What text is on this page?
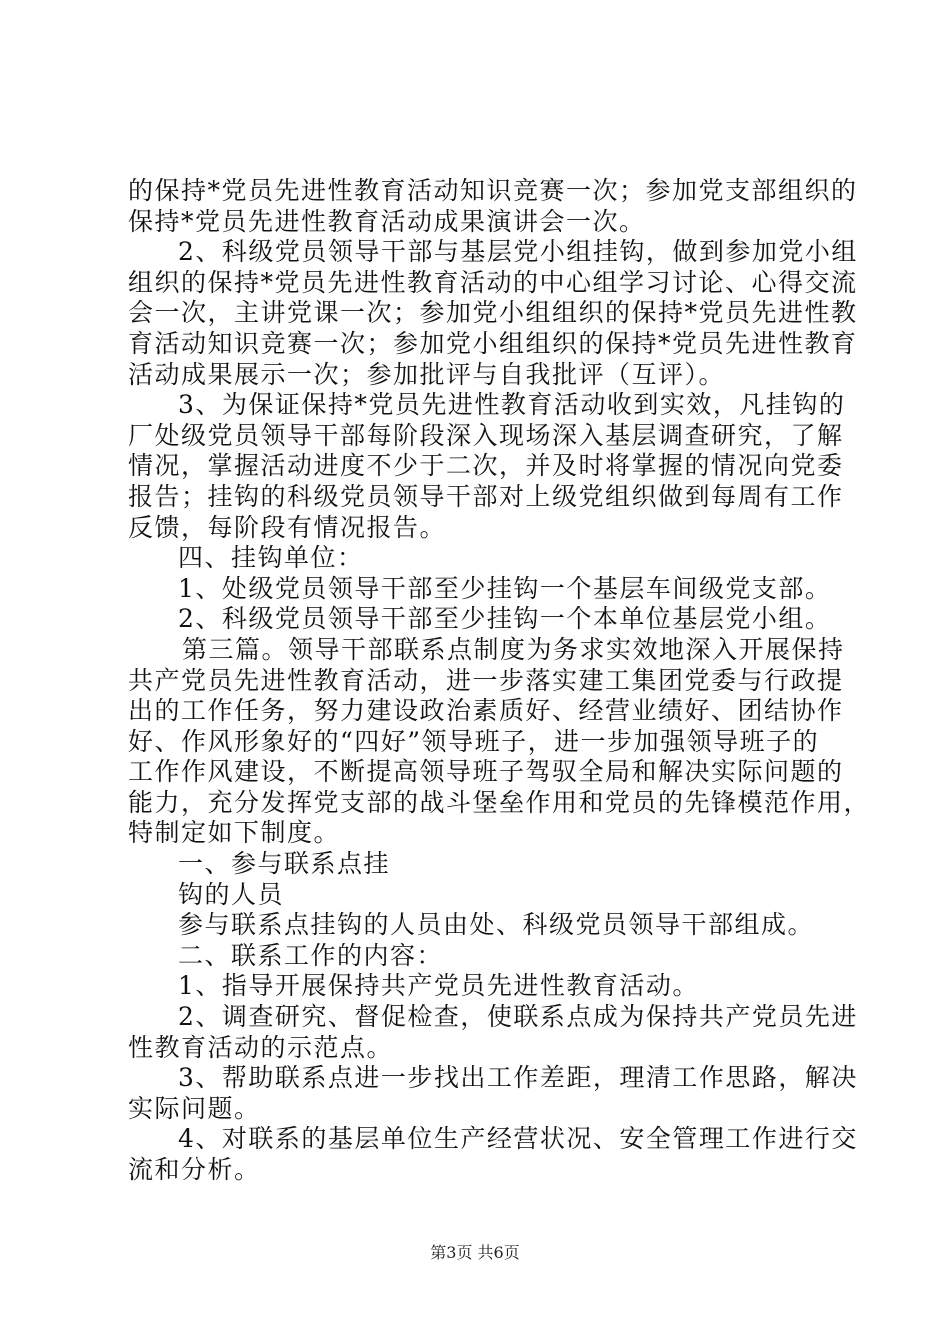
的保持*党员先进性教育活动知识竞赛一次；参加党支部组织的
保持*党员先进性教育活动成果演讲会一次。
2、科级党员领导干部与基层党小组挂钩，做到参加党小组
组织的保持*党员先进性教育活动的中心组学习讨论、心得交流
会一次，主讲党课一次；参加党小组组织的保持*党员先进性教
育活动知识竞赛一次；参加党小组组织的保持*党员先进性教育
活动成果展示一次；参加批评与自我批评（互评）。
3、为保证保持*党员先进性教育活动收到实效，凡挂钩的
厂处级党员领导干部每阶段深入现场深入基层调查研究，了解
情况，掌握活动进度不少于二次，并及时将掌握的情况向党委
报告；挂钩的科级党员领导干部对上级党组织做到每周有工作
反馈，每阶段有情况报告。
四、挂钩单位：
1、处级党员领导干部至少挂钩一个基层车间级党支部。
2、科级党员领导干部至少挂钩一个本单位基层党小组。
第三篇。领导干部联系点制度为务求实效地深入开展保持
共产党员先进性教育活动，进一步落实建工集团党委与行政提
出的工作任务，努力建设政治素质好、经营业绩好、团结协作
好、作风形象好的“四好”领导班子，进一步加强领导班子的
工作作风建设，不断提高领导班子驾驭全局和解决实际问题的
能力，充分发挥党支部的战斗堡垒作用和党员的先锋模范作用，
特制定如下制度。
一、参与联系点挂
钩的人员
参与联系点挂钩的人员由处、科级党员领导干部组成。
二、联系工作的内容：
1、指导开展保持共产党员先进性教育活动。
2、调查研究、督促检查，使联系点成为保持共产党员先进
性教育活动的示范点。
3、帮助联系点进一步找出工作差距，理清工作思路，解决
实际问题。
4、对联系的基层单位生产经营状况、安全管理工作进行交
流和分析。
第3页 共6页
